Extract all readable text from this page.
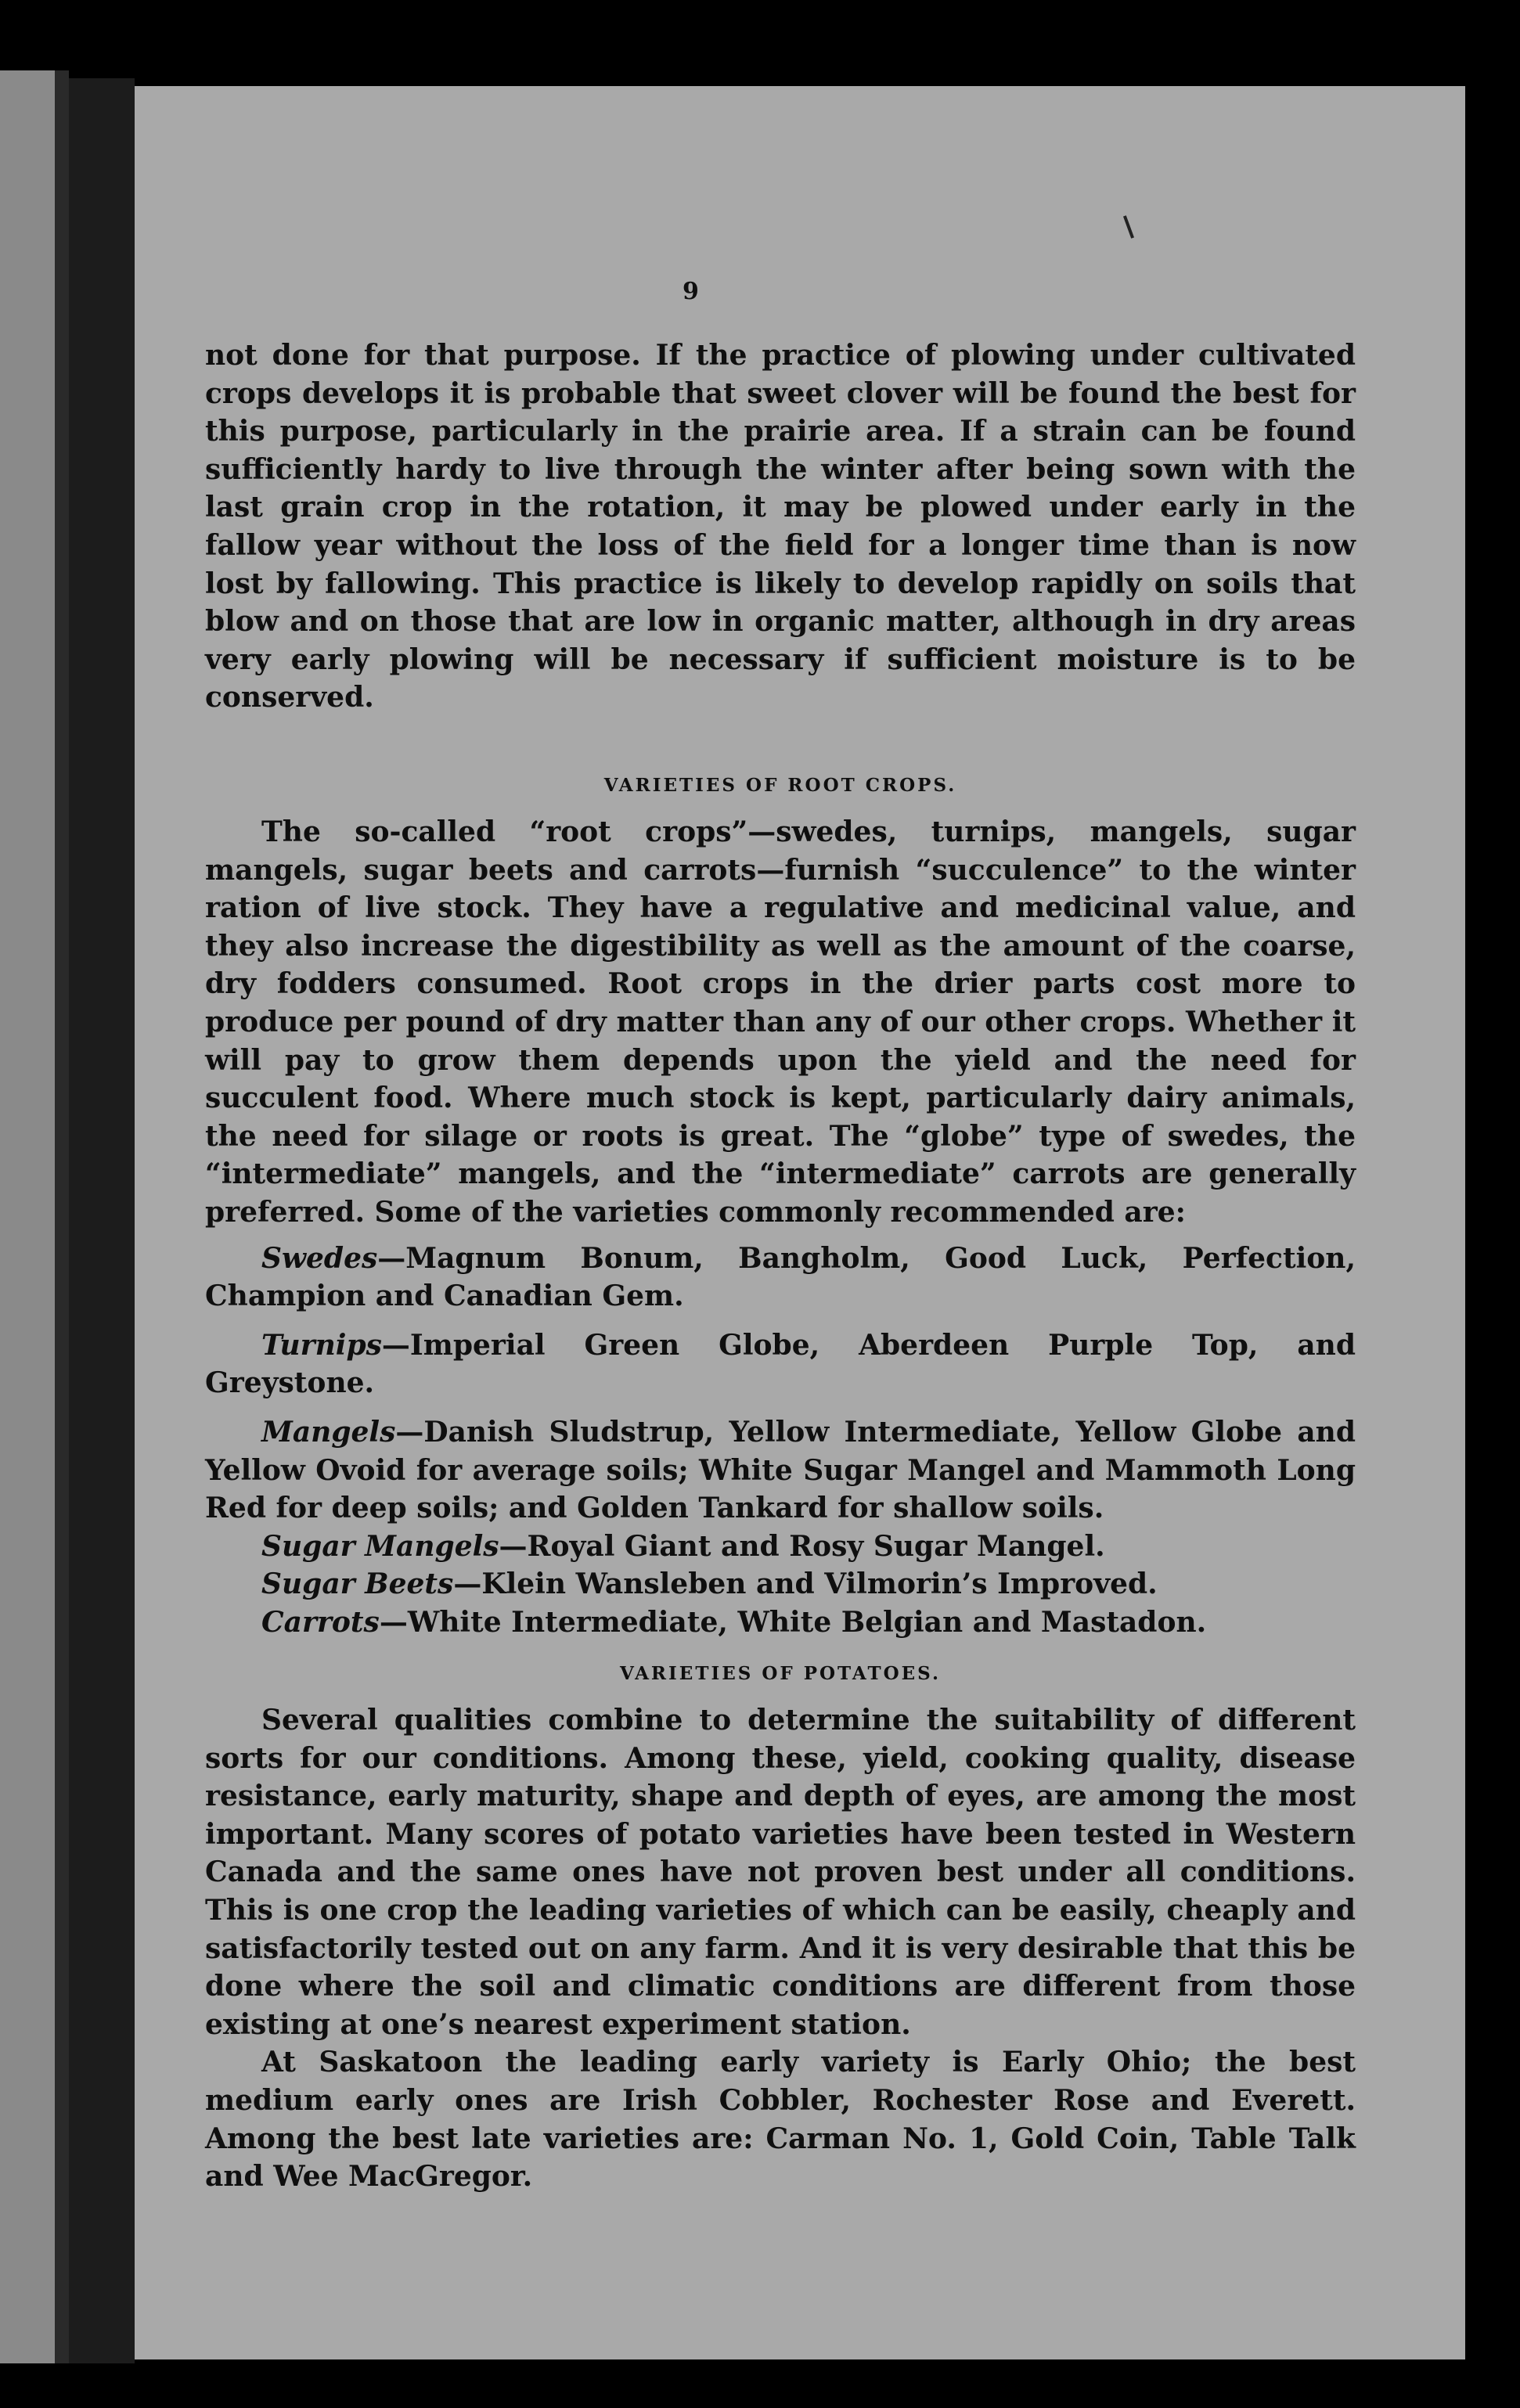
9

not done for that purpose. If the practice of plowing under cultivated crops develops it is probable that sweet clover will be found the best for this purpose, particularly in the prairie area. If a strain can be found sufficiently hardy to live through the winter after being sown with the last grain crop in the rotation, it may be plowed under early in the fallow year without the loss of the field for a longer time than is now lost by fallowing. This practice is likely to develop rapidly on soils that blow and on those that are low in organic matter, although in dry areas very early plowing will be necessary if sufficient moisture is to be conserved.

VARIETIES OF ROOT CROPS.

The so-called “root crops”—swedes, turnips, mangels, sugar mangels, sugar beets and carrots—furnish “succulence” to the winter ration of live stock. They have a regulative and medicinal value, and they also increase the digestibility as well as the amount of the coarse, dry fodders consumed. Root crops in the drier parts cost more to produce per pound of dry matter than any of our other crops. Whether it will pay to grow them depends upon the yield and the need for succulent food. Where much stock is kept, particularly dairy animals, the need for silage or roots is great. The “globe” type of swedes, the “intermediate” mangels, and the “intermediate” carrots are generally preferred. Some of the varieties commonly recommended are:

Swedes—Magnum Bonum, Bangholm, Good Luck, Perfection, Champion and Canadian Gem.

Turnips—Imperial Green Globe, Aberdeen Purple Top, and Greystone.

Mangels—Danish Sludstrup, Yellow Intermediate, Yellow Globe and Yellow Ovoid for average soils; White Sugar Mangel and Mammoth Long Red for deep soils; and Golden Tankard for shallow soils.

Sugar Mangels—Royal Giant and Rosy Sugar Mangel.

Sugar Beets—Klein Wansleben and Vilmorin’s Improved.

Carrots—White Intermediate, White Belgian and Mastadon.

VARIETIES OF POTATOES.

Several qualities combine to determine the suitability of different sorts for our conditions. Among these, yield, cooking quality, disease resistance, early maturity, shape and depth of eyes, are among the most important. Many scores of potato varieties have been tested in Western Canada and the same ones have not proven best under all conditions. This is one crop the leading varieties of which can be easily, cheaply and satisfactorily tested out on any farm. And it is very desirable that this be done where the soil and climatic conditions are different from those existing at one’s nearest experiment station.

At Saskatoon the leading early variety is Early Ohio; the best medium early ones are Irish Cobbler, Rochester Rose and Everett. Among the best late varieties are: Carman No. 1, Gold Coin, Table Talk and Wee MacGregor.
